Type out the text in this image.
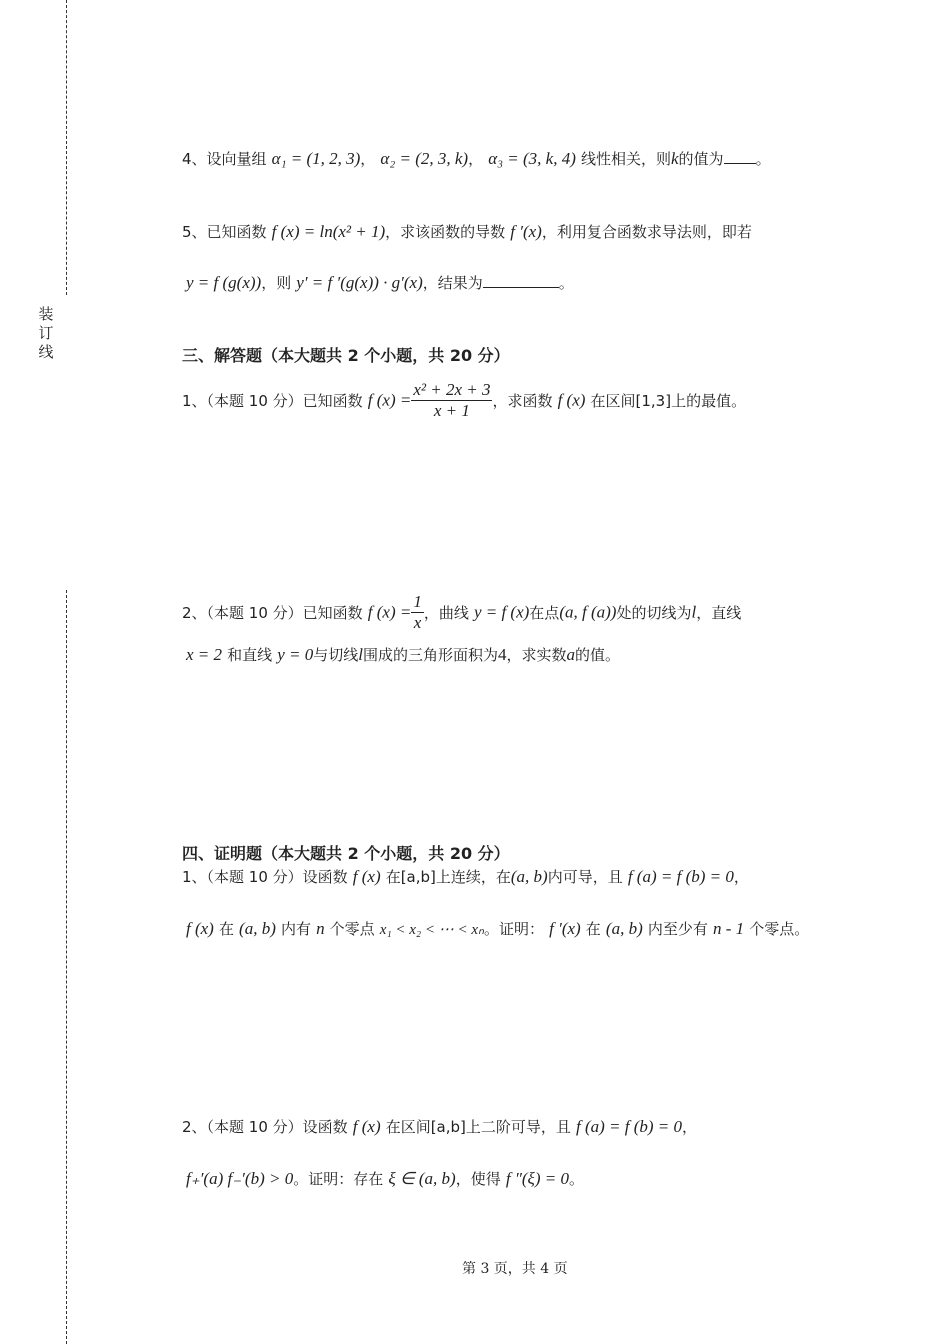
装订线
4、设向量组 α₁ = (1, 2, 3)， α₂ = (2, 3, k)， α₃ = (3, k, 4) 线性相关，则k的值为 。
5、已知函数 f (x) = ln(x² + 1)，求该函数的导数 f ′(x)，利用复合函数求导法则，即若
y = f (g(x))，则 y′ = f ′(g(x)) · g′(x)，结果为	。
三、解答题（本大题共 2 个小题，共 20 分）
1、（本题 10 分）已知函数 f $(x) = \frac{\text{x² + 2x + 3}}{x + 1}$ ，求函数 f (x) 在区间[1,3]上的最值。
2、（本题 10 分）已知函数 f $(x) = \frac{1}{x}$ ，曲线 y = f (x)在点(a, f (a))处的切线为l，直线
x = 2 和直线 y = 0与切线l围成的三角形面积为4，求实数a的值。
四、证明题（本大题共 2 个小题，共 20 分）
1、（本题 10 分）设函数 f (x) 在[a,b]上连续，在(a, b)内可导，且 f (a) = f (b) = 0，
f (x) 在 (a, b) 内有 n 个零点 x₁ < x₂ < ⋯ < xₙ。证明： f ′(x) 在 (a, b) 内至少有 n - 1 个零点。
2、（本题 10 分）设函数 f (x) 在区间[a,b]上二阶可导，且 f (a) = f (b) = 0，
f₊′(a) f₋′(b) > 0。证明：存在 ξ ∈ (a, b)，使得 f ″(ξ) = 0。
第 3 页，共 4 页
